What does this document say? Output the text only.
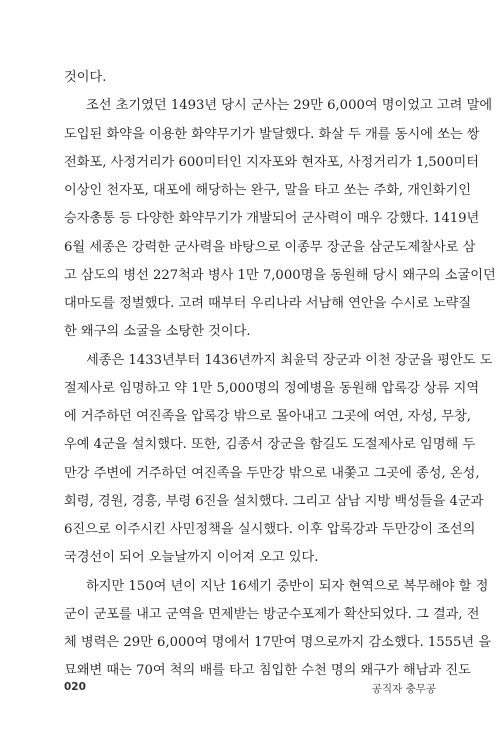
것이다.
조선 초기였던 1493년 당시 군사는 29만 6,000여 명이었고 고려 말에
도입된 화약을 이용한 화약무기가 발달했다. 화살 두 개를 동시에 쏘는 쌍
전화포, 사정거리가 600미터인 지자포와 현자포, 사정거리가 1,500미터
이상인 천자포, 대포에 해당하는 완구, 말을 타고 쏘는 주화, 개인화기인
승자총통 등 다양한 화약무기가 개발되어 군사력이 매우 강했다. 1419년
6월 세종은 강력한 군사력을 바탕으로 이종무 장군을 삼군도제찰사로 삼
고 삼도의 병선 227척과 병사 1만 7,000명을 동원해 당시 왜구의 소굴이던
대마도를 정벌했다. 고려 때부터 우리나라 서남해 연안을 수시로 노략질
한 왜구의 소굴을 소탕한 것이다.
세종은 1433년부터 1436년까지 최윤덕 장군과 이천 장군을 평안도 도
절제사로 임명하고 약 1만 5,000명의 정예병을 동원해 압록강 상류 지역
에 거주하던 여진족을 압록강 밖으로 몰아내고 그곳에 여연, 자성, 무창,
우예 4군을 설치했다. 또한, 김종서 장군을 함길도 도절제사로 임명해 두
만강 주변에 거주하던 여진족을 두만강 밖으로 내쫓고 그곳에 종성, 온성,
회령, 경원, 경흥, 부령 6진을 설치했다. 그리고 삼남 지방 백성들을 4군과
6진으로 이주시킨 사민정책을 실시했다. 이후 압록강과 두만강이 조선의
국경선이 되어 오늘날까지 이어져 오고 있다.
하지만 150여 년이 지난 16세기 중반이 되자 현역으로 복무해야 할 정
군이 군포를 내고 군역을 면제받는 방군수포제가 확산되었다. 그 결과, 전
체 병력은 29만 6,000여 명에서 17만여 명으로까지 감소했다. 1555년 을
묘왜변 때는 70여 척의 배를 타고 침입한 수천 명의 왜구가 해남과 진도
020	공직자 충무공
